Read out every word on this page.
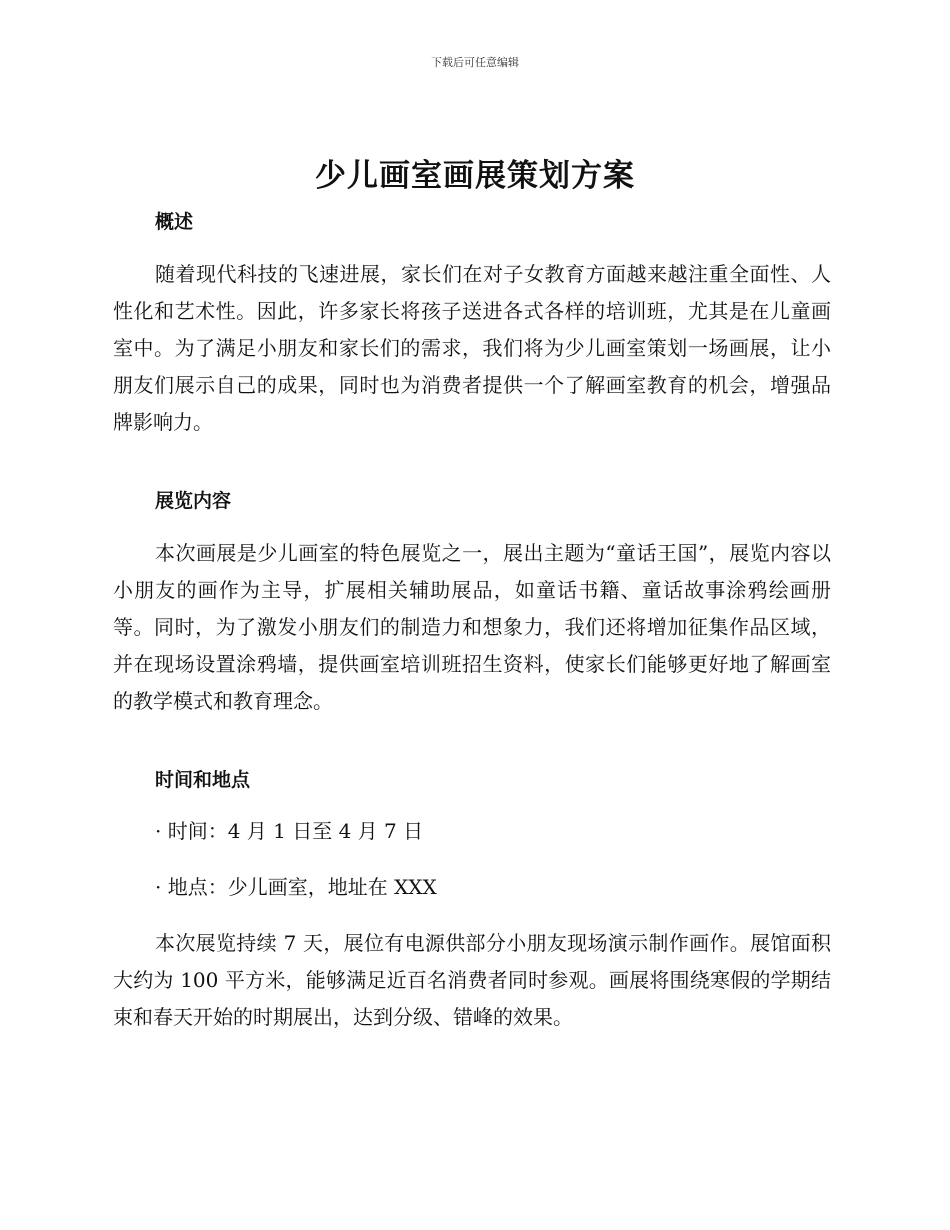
下载后可任意编辑
少儿画室画展策划方案
概述

随着现代科技的飞速进展，家长们在对子女教育方面越来越注重全面性、人性化和艺术性。因此，许多家长将孩子送进各式各样的培训班，尤其是在儿童画室中。为了满足小朋友和家长们的需求，我们将为少儿画室策划一场画展，让小朋友们展示自己的成果，同时也为消费者提供一个了解画室教育的机会，增强品牌影响力。

展览内容

本次画展是少儿画室的特色展览之一，展出主题为“童话王国”，展览内容以小朋友的画作为主导，扩展相关辅助展品，如童话书籍、童话故事涂鸦绘画册等。同时，为了激发小朋友们的制造力和想象力，我们还将增加征集作品区域，并在现场设置涂鸦墙，提供画室培训班招生资料，使家长们能够更好地了解画室的教学模式和教育理念。

时间和地点
· 时间：4 月 1 日至 4 月 7 日
· 地点：少儿画室，地址在 XXX

本次展览持续 7 天，展位有电源供部分小朋友现场演示制作画作。展馆面积大约为 100 平方米，能够满足近百名消费者同时参观。画展将围绕寒假的学期结束和春天开始的时期展出，达到分级、错峰的效果。
